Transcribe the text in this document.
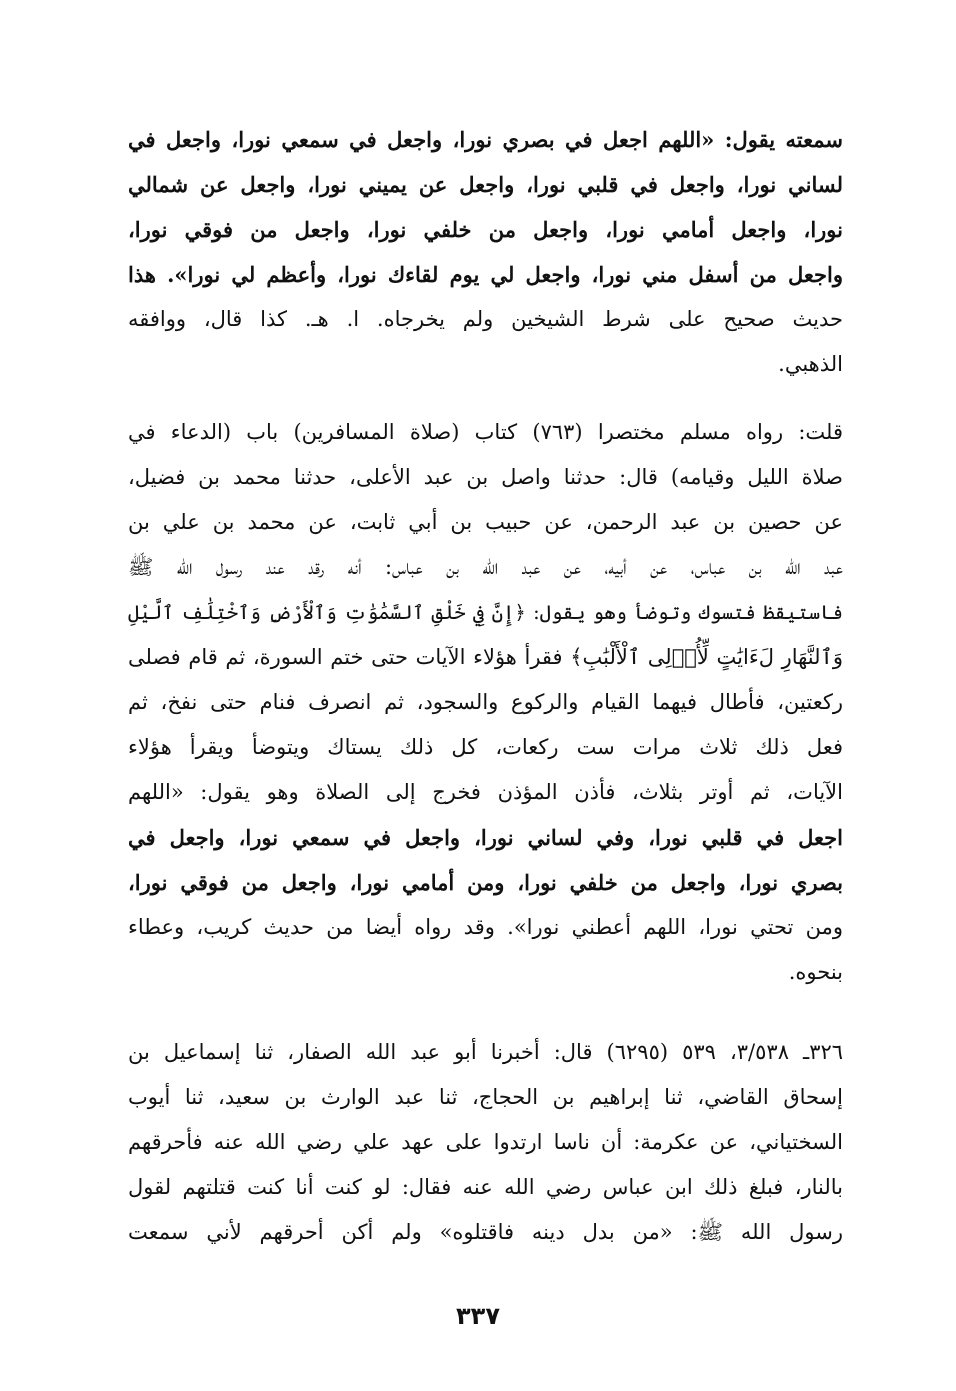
سمعته يقول: «اللهم اجعل في بصري نورا، واجعل في سمعي نورا، واجعل في
لساني نورا، واجعل في قلبي نورا، واجعل عن يميني نورا، واجعل عن شمالي
نورا، واجعل أمامي نورا، واجعل من خلفي نورا، واجعل من فوقي نورا،
واجعل من أسفل مني نورا، واجعل لي يوم لقاءك نورا، وأعظم لي نورا». هذا
حديث صحيح على شرط الشيخين ولم يخرجاه. ا. هـ. كذا قال، ووافقه
الذهبي.
قلت: رواه مسلم مختصرا (٧٦٣) كتاب (صلاة المسافرين) باب (الدعاء في
صلاة الليل وقيامه) قال: حدثنا واصل بن عبد الأعلى، حدثنا محمد بن فضيل،
عن حصين بن عبد الرحمن، عن حبيب بن أبي ثابت، عن محمد بن علي بن
عبد الله بن عباس، عن أبيه، عن عبد الله بن عباس: أنه رقد عند رسول الله ﷺ
فاستيقظ فتسوك وتوضأ وهو يقول: ﴿إِنَّ فِي خَلْقِ ٱلسَّمَٰوَٰتِ وَٱلْأَرْضِ وَٱخْتِلَٰفِ ٱلَّيْلِ
وَٱلنَّهَارِ لَءَايَٰتٍ لِّأُو۟لِى ٱلْأَلْبَٰبِ﴾ فقرأ هؤلاء الآيات حتى ختم السورة، ثم قام فصلى
ركعتين، فأطال فيهما القيام والركوع والسجود، ثم انصرف فنام حتى نفخ، ثم
فعل ذلك ثلاث مرات ست ركعات، كل ذلك يستاك ويتوضأ ويقرأ هؤلاء
الآيات، ثم أوتر بثلاث، فأذن المؤذن فخرج إلى الصلاة وهو يقول: «اللهم
اجعل في قلبي نورا، وفي لساني نورا، واجعل في سمعي نورا، واجعل في
بصري نورا، واجعل من خلفي نورا، ومن أمامي نورا، واجعل من فوقي نورا،
ومن تحتي نورا، اللهم أعطني نورا». وقد رواه أيضا من حديث كريب، وعطاء
بنحوه.
٣٢٦ـ ٣/٥٣٨، ٥٣٩ (٦٢٩٥) قال: أخبرنا أبو عبد الله الصفار، ثنا إسماعيل بن
إسحاق القاضي، ثنا إبراهيم بن الحجاج، ثنا عبد الوارث بن سعيد، ثنا أيوب
السختياني، عن عكرمة: أن ناسا ارتدوا على عهد علي رضي الله عنه فأحرقهم
بالنار، فبلغ ذلك ابن عباس رضي الله عنه فقال: لو كنت أنا كنت قتلتهم لقول
رسول الله ﷺ: «من بدل دينه فاقتلوه» ولم أكن أحرقهم لأني سمعت
٣٣٧
